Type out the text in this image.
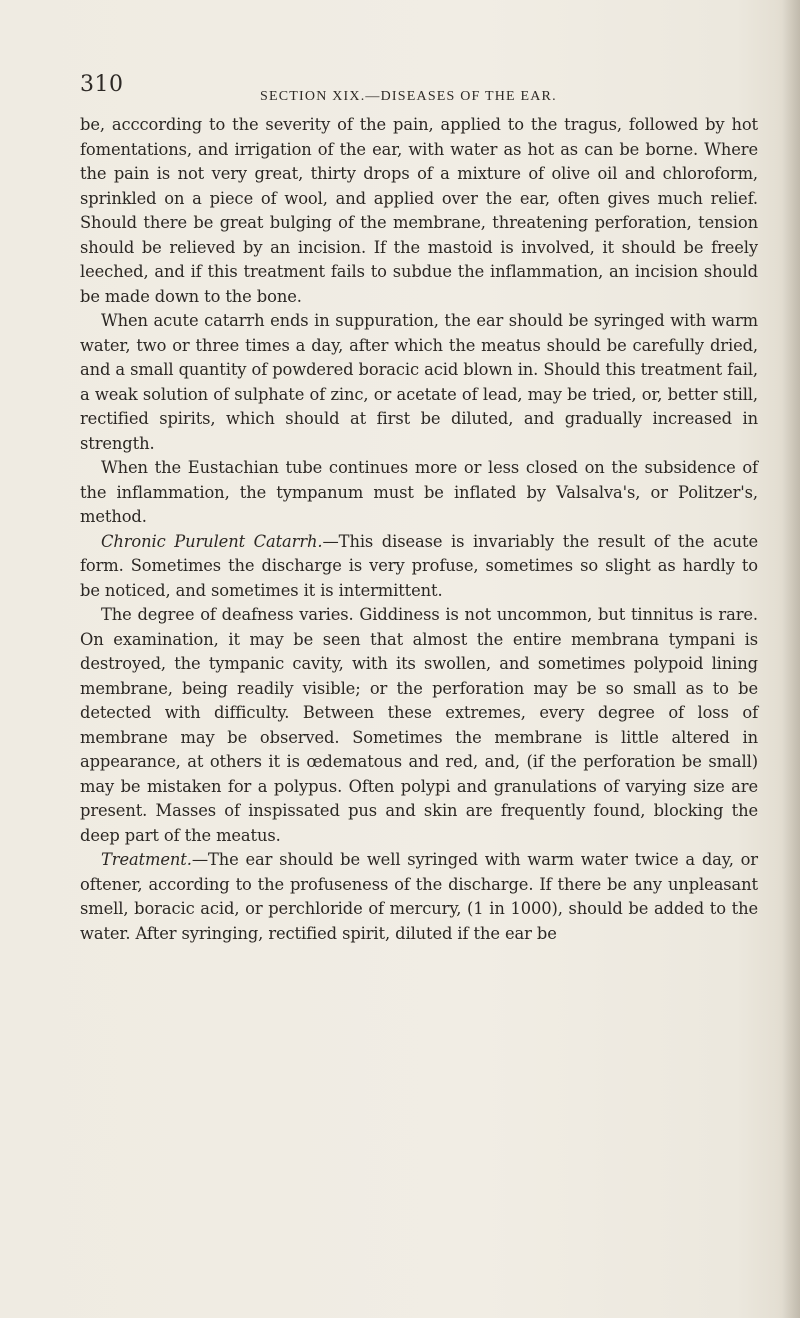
310	SECTION XIX.—DISEASES OF THE EAR.

be, acccording to the severity of the pain, applied to the tragus, followed by hot fomentations, and irrigation of the ear, with water as hot as can be borne. Where the pain is not very great, thirty drops of a mixture of olive oil and chloroform, sprinkled on a piece of wool, and applied over the ear, often gives much relief. Should there be great bulging of the membrane, threatening perforation, tension should be relieved by an incision. If the mastoid is involved, it should be freely leeched, and if this treatment fails to subdue the inflammation, an incision should be made down to the bone.

When acute catarrh ends in suppuration, the ear should be syringed with warm water, two or three times a day, after which the meatus should be carefully dried, and a small quantity of powdered boracic acid blown in. Should this treatment fail, a weak solution of sulphate of zinc, or acetate of lead, may be tried, or, better still, rectified spirits, which should at first be diluted, and gradually increased in strength.

When the Eustachian tube continues more or less closed on the subsidence of the inflammation, the tympanum must be inflated by Valsalva's, or Politzer's, method.

Chronic Purulent Catarrh.—This disease is invariably the result of the acute form. Sometimes the discharge is very profuse, sometimes so slight as hardly to be noticed, and sometimes it is intermittent.

The degree of deafness varies. Giddiness is not uncommon, but tinnitus is rare. On examination, it may be seen that almost the entire membrana tympani is destroyed, the tympanic cavity, with its swollen, and sometimes polypoid lining membrane, being readily visible; or the perforation may be so small as to be detected with difficulty. Between these extremes, every degree of loss of membrane may be observed. Sometimes the membrane is little altered in appearance, at others it is œdematous and red, and, (if the perforation be small) may be mistaken for a polypus. Often polypi and granulations of varying size are present. Masses of inspissated pus and skin are frequently found, blocking the deep part of the meatus.

Treatment.—The ear should be well syringed with warm water twice a day, or oftener, according to the profuseness of the discharge. If there be any unpleasant smell, boracic acid, or perchloride of mercury, (1 in 1000), should be added to the water. After syringing, rectified spirit, diluted if the ear be
